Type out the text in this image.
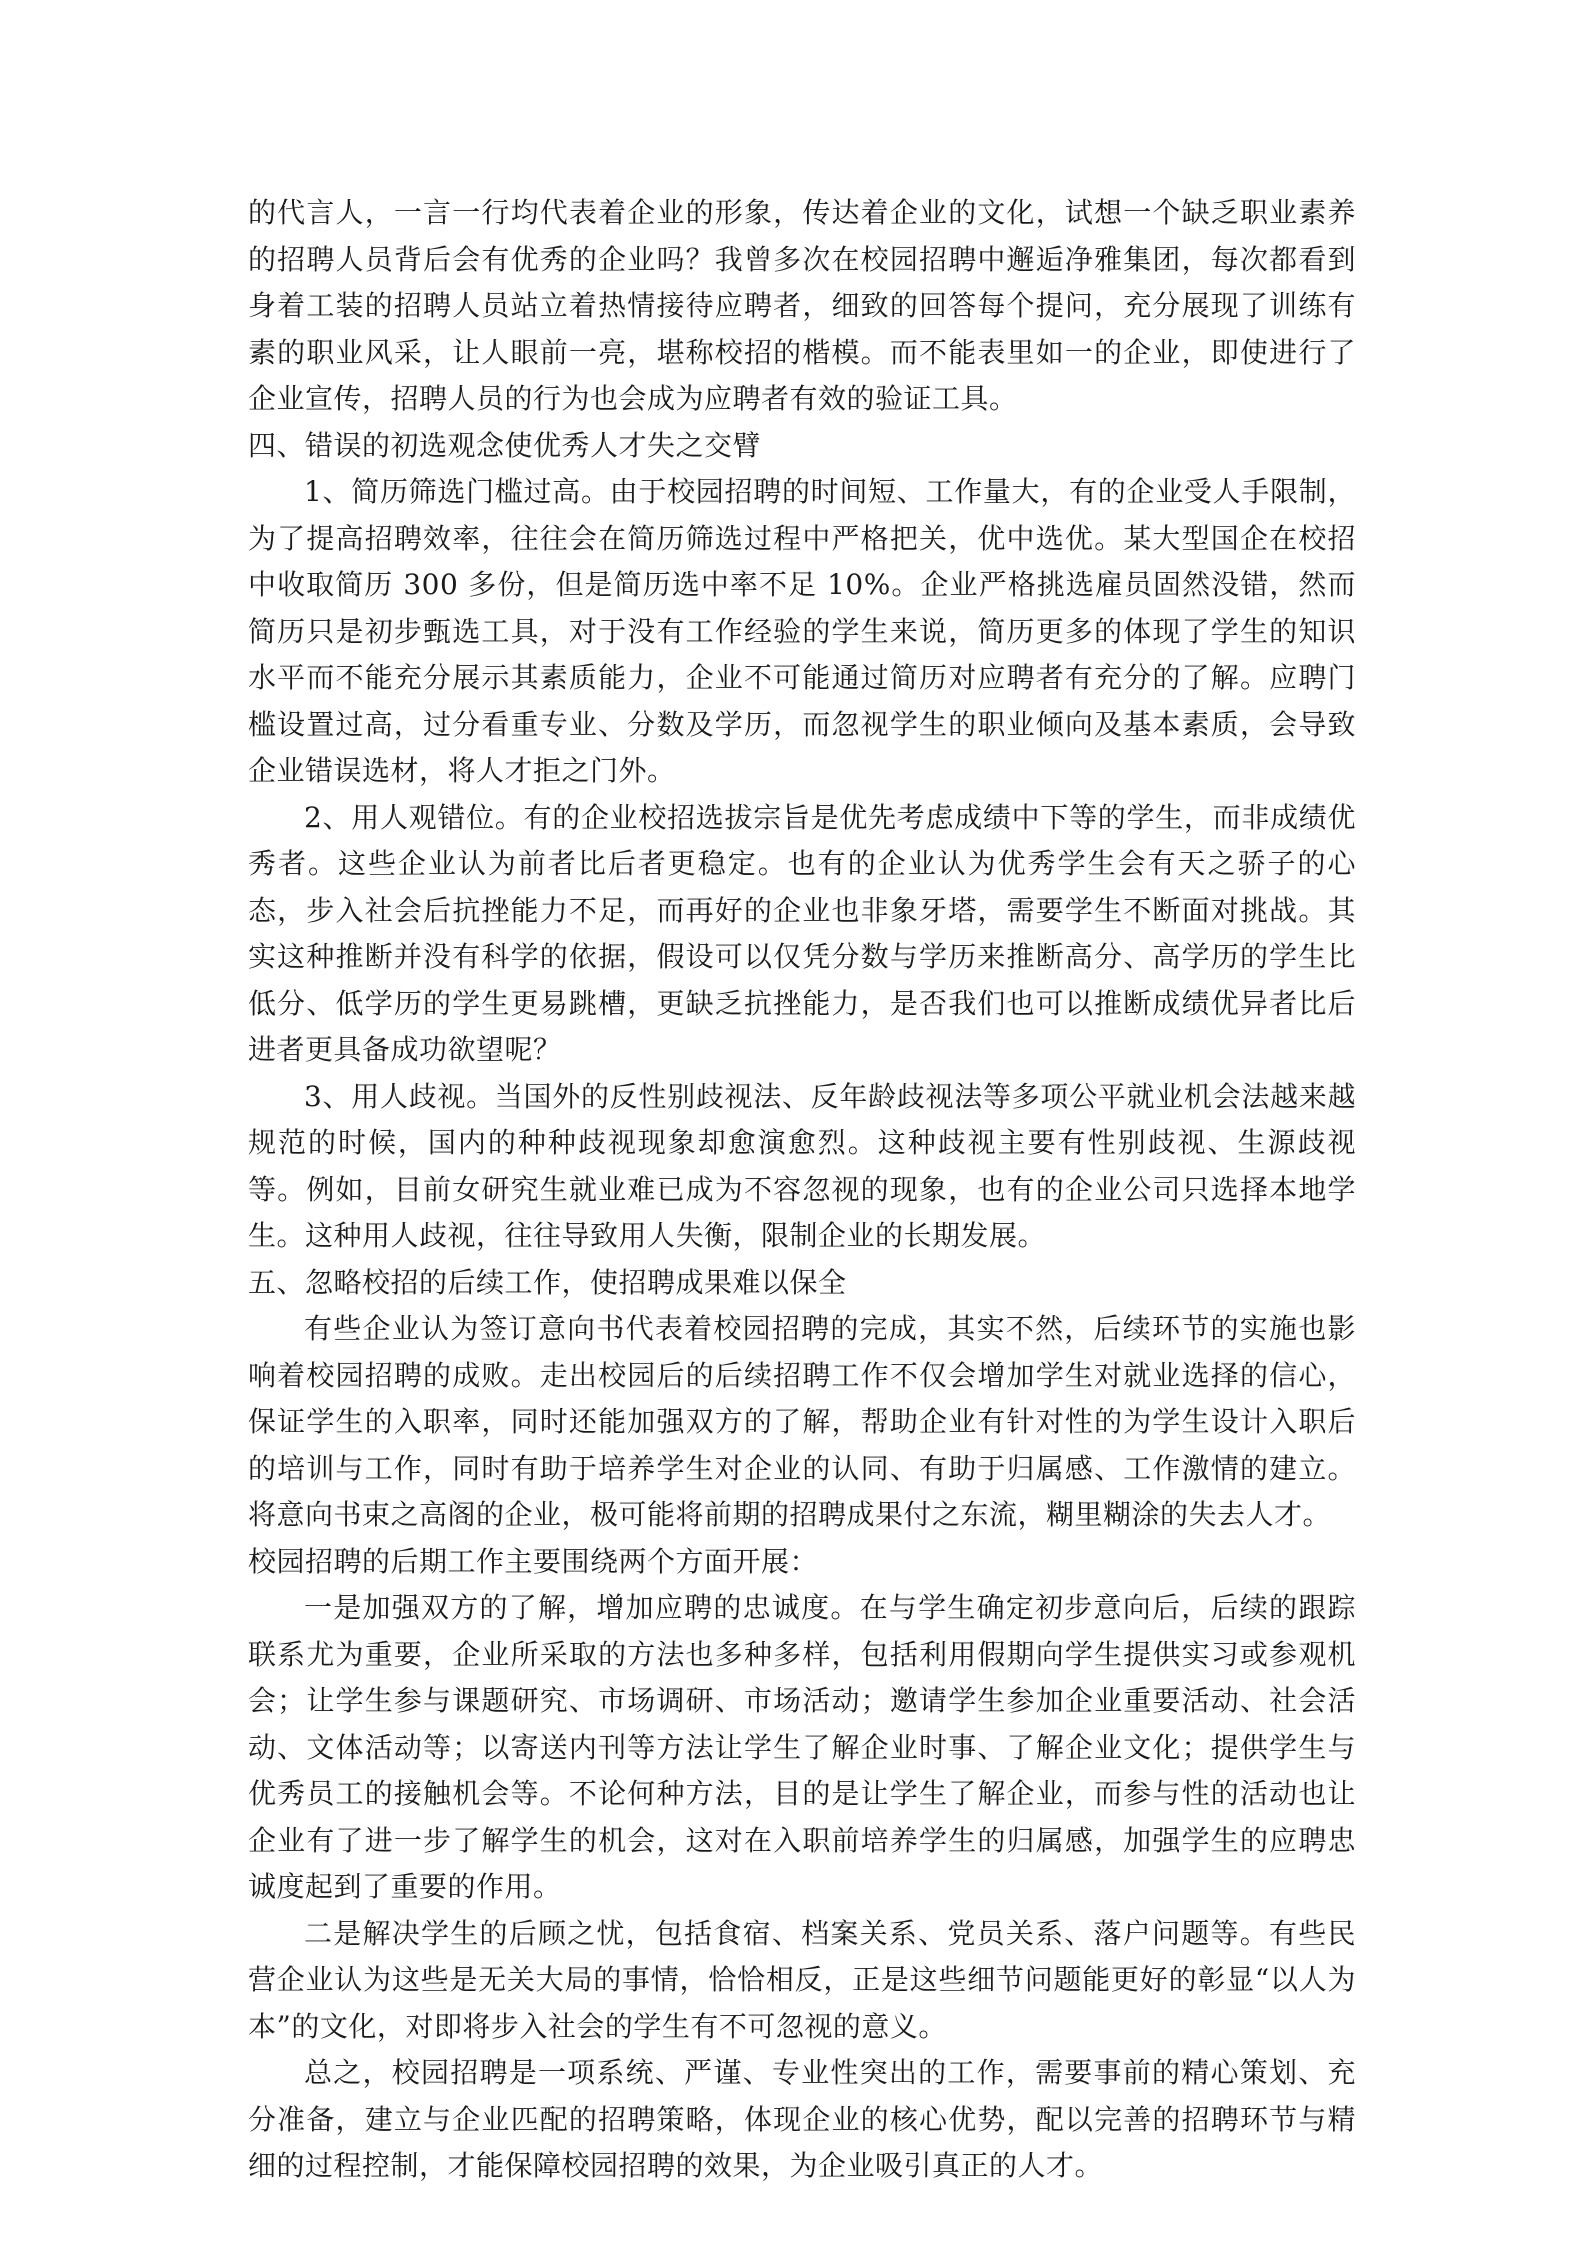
的代言人，一言一行均代表着企业的形象，传达着企业的文化，试想一个缺乏职业素养的招聘人员背后会有优秀的企业吗？我曾多次在校园招聘中邂逅净雅集团，每次都看到身着工装的招聘人员站立着热情接待应聘者，细致的回答每个提问，充分展现了训练有素的职业风采，让人眼前一亮，堪称校招的楷模。而不能表里如一的企业，即使进行了企业宣传，招聘人员的行为也会成为应聘者有效的验证工具。

四、错误的初选观念使优秀人才失之交臂

1、简历筛选门槛过高。由于校园招聘的时间短、工作量大，有的企业受人手限制，为了提高招聘效率，往往会在简历筛选过程中严格把关，优中选优。某大型国企在校招中收取简历 300 多份，但是简历选中率不足 10%。企业严格挑选雇员固然没错，然而简历只是初步甄选工具，对于没有工作经验的学生来说，简历更多的体现了学生的知识水平而不能充分展示其素质能力，企业不可能通过简历对应聘者有充分的了解。应聘门槛设置过高，过分看重专业、分数及学历，而忽视学生的职业倾向及基本素质，会导致企业错误选材，将人才拒之门外。

2、用人观错位。有的企业校招选拔宗旨是优先考虑成绩中下等的学生，而非成绩优秀者。这些企业认为前者比后者更稳定。也有的企业认为优秀学生会有天之骄子的心态，步入社会后抗挫能力不足，而再好的企业也非象牙塔，需要学生不断面对挑战。其实这种推断并没有科学的依据，假设可以仅凭分数与学历来推断高分、高学历的学生比低分、低学历的学生更易跳槽，更缺乏抗挫能力，是否我们也可以推断成绩优异者比后进者更具备成功欲望呢？

3、用人歧视。当国外的反性别歧视法、反年龄歧视法等多项公平就业机会法越来越规范的时候，国内的种种歧视现象却愈演愈烈。这种歧视主要有性别歧视、生源歧视等。例如，目前女研究生就业难已成为不容忽视的现象，也有的企业公司只选择本地学生。这种用人歧视，往往导致用人失衡，限制企业的长期发展。

五、忽略校招的后续工作，使招聘成果难以保全

有些企业认为签订意向书代表着校园招聘的完成，其实不然，后续环节的实施也影响着校园招聘的成败。走出校园后的后续招聘工作不仅会增加学生对就业选择的信心，保证学生的入职率，同时还能加强双方的了解，帮助企业有针对性的为学生设计入职后的培训与工作，同时有助于培养学生对企业的认同、有助于归属感、工作激情的建立。将意向书束之高阁的企业，极可能将前期的招聘成果付之东流，糊里糊涂的失去人才。

校园招聘的后期工作主要围绕两个方面开展：

一是加强双方的了解，增加应聘的忠诚度。在与学生确定初步意向后，后续的跟踪联系尤为重要，企业所采取的方法也多种多样，包括利用假期向学生提供实习或参观机会；让学生参与课题研究、市场调研、市场活动；邀请学生参加企业重要活动、社会活动、文体活动等；以寄送内刊等方法让学生了解企业时事、了解企业文化；提供学生与优秀员工的接触机会等。不论何种方法，目的是让学生了解企业，而参与性的活动也让企业有了进一步了解学生的机会，这对在入职前培养学生的归属感，加强学生的应聘忠诚度起到了重要的作用。

二是解决学生的后顾之忧，包括食宿、档案关系、党员关系、落户问题等。有些民营企业认为这些是无关大局的事情，恰恰相反，正是这些细节问题能更好的彰显“以人为本”的文化，对即将步入社会的学生有不可忽视的意义。

总之，校园招聘是一项系统、严谨、专业性突出的工作，需要事前的精心策划、充分准备，建立与企业匹配的招聘策略，体现企业的核心优势，配以完善的招聘环节与精细的过程控制，才能保障校园招聘的效果，为企业吸引真正的人才。
